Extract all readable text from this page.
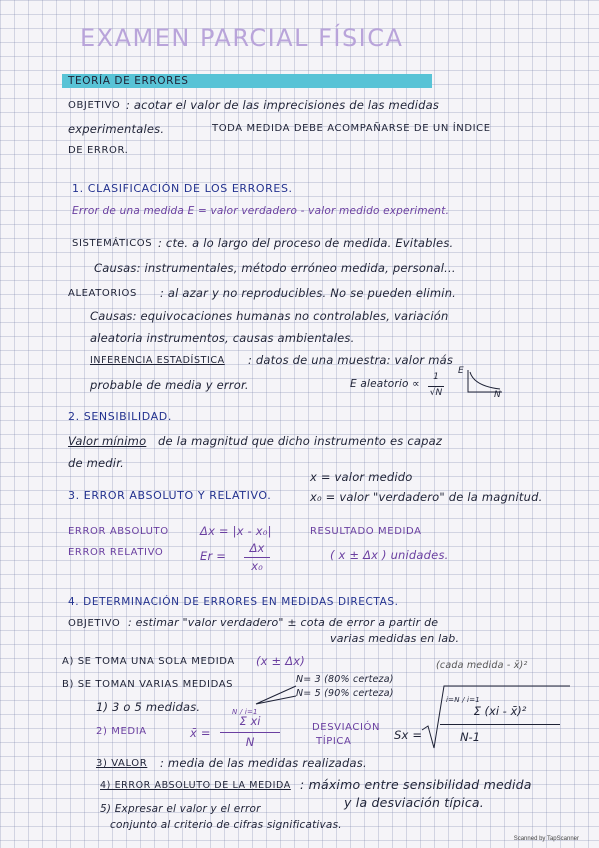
EXAMEN PARCIAL FÍSICA
TEORÍA DE ERRORES
OBJETIVO : acotar el valor de las imprecisiones de las medidas
experimentales.	TODA MEDIDA DEBE ACOMPAÑARSE DE UN ÍNDICE
DE ERROR.
1. CLASIFICACIÓN DE LOS ERRORES.
Error de una medida E = valor verdadero - valor medido experiment.
SISTEMÁTICOS : cte. a lo largo del proceso de medida. Evitables.
Causas: instrumentales, método erróneo medida, personal...
ALEATORIOS : al azar y no reproducibles. No se pueden elimin.
Causas: equivocaciones humanas no controlables, variación
aleatoria instrumentos, causas ambientales.
INFERENCIA ESTADÍSTICA : datos de una muestra: valor más
probable de media y error.	E aleatorio ∝
1
√N
E
N
2. SENSIBILIDAD.
Valor mínimo de la magnitud que dicho instrumento es capaz
de medir.
x = valor medido
3. ERROR ABSOLUTO Y RELATIVO.	x₀ = valor "verdadero" de la magnitud.
ERROR ABSOLUTO	Δx = |x - x₀|	RESULTADO MEDIDA
ERROR RELATIVO	Εr =
Δx
x₀
( x ± Δx ) unidades.
4. DETERMINACIÓN DE ERRORES EN MEDIDAS DIRECTAS.
OBJETIVO : estimar "valor verdadero" ± cota de error a partir de
varias medidas en lab.
A) SE TOMA UNA SOLA MEDIDA (x ± Δx)	(cada medida - x̄)²
B) SE TOMAN VARIAS MEDIDAS	N= 3 (80% certeza)
N= 5 (90% certeza)
1) 3 o 5 medidas.
2) MEDIA	x̄ =
Σ xi
N / i=1
N
DESVIACIÓN
TÍPICA	Sx =
i=N / i=1
Σ (xi - x̄)²
N-1
3) VALOR : media de las medidas realizadas.
4) ERROR ABSOLUTO DE LA MEDIDA : máximo entre sensibilidad medida
y la desviación típica.
5) Expresar el valor y el error
conjunto al criterio de cifras significativas.
Scanned by TapScanner
